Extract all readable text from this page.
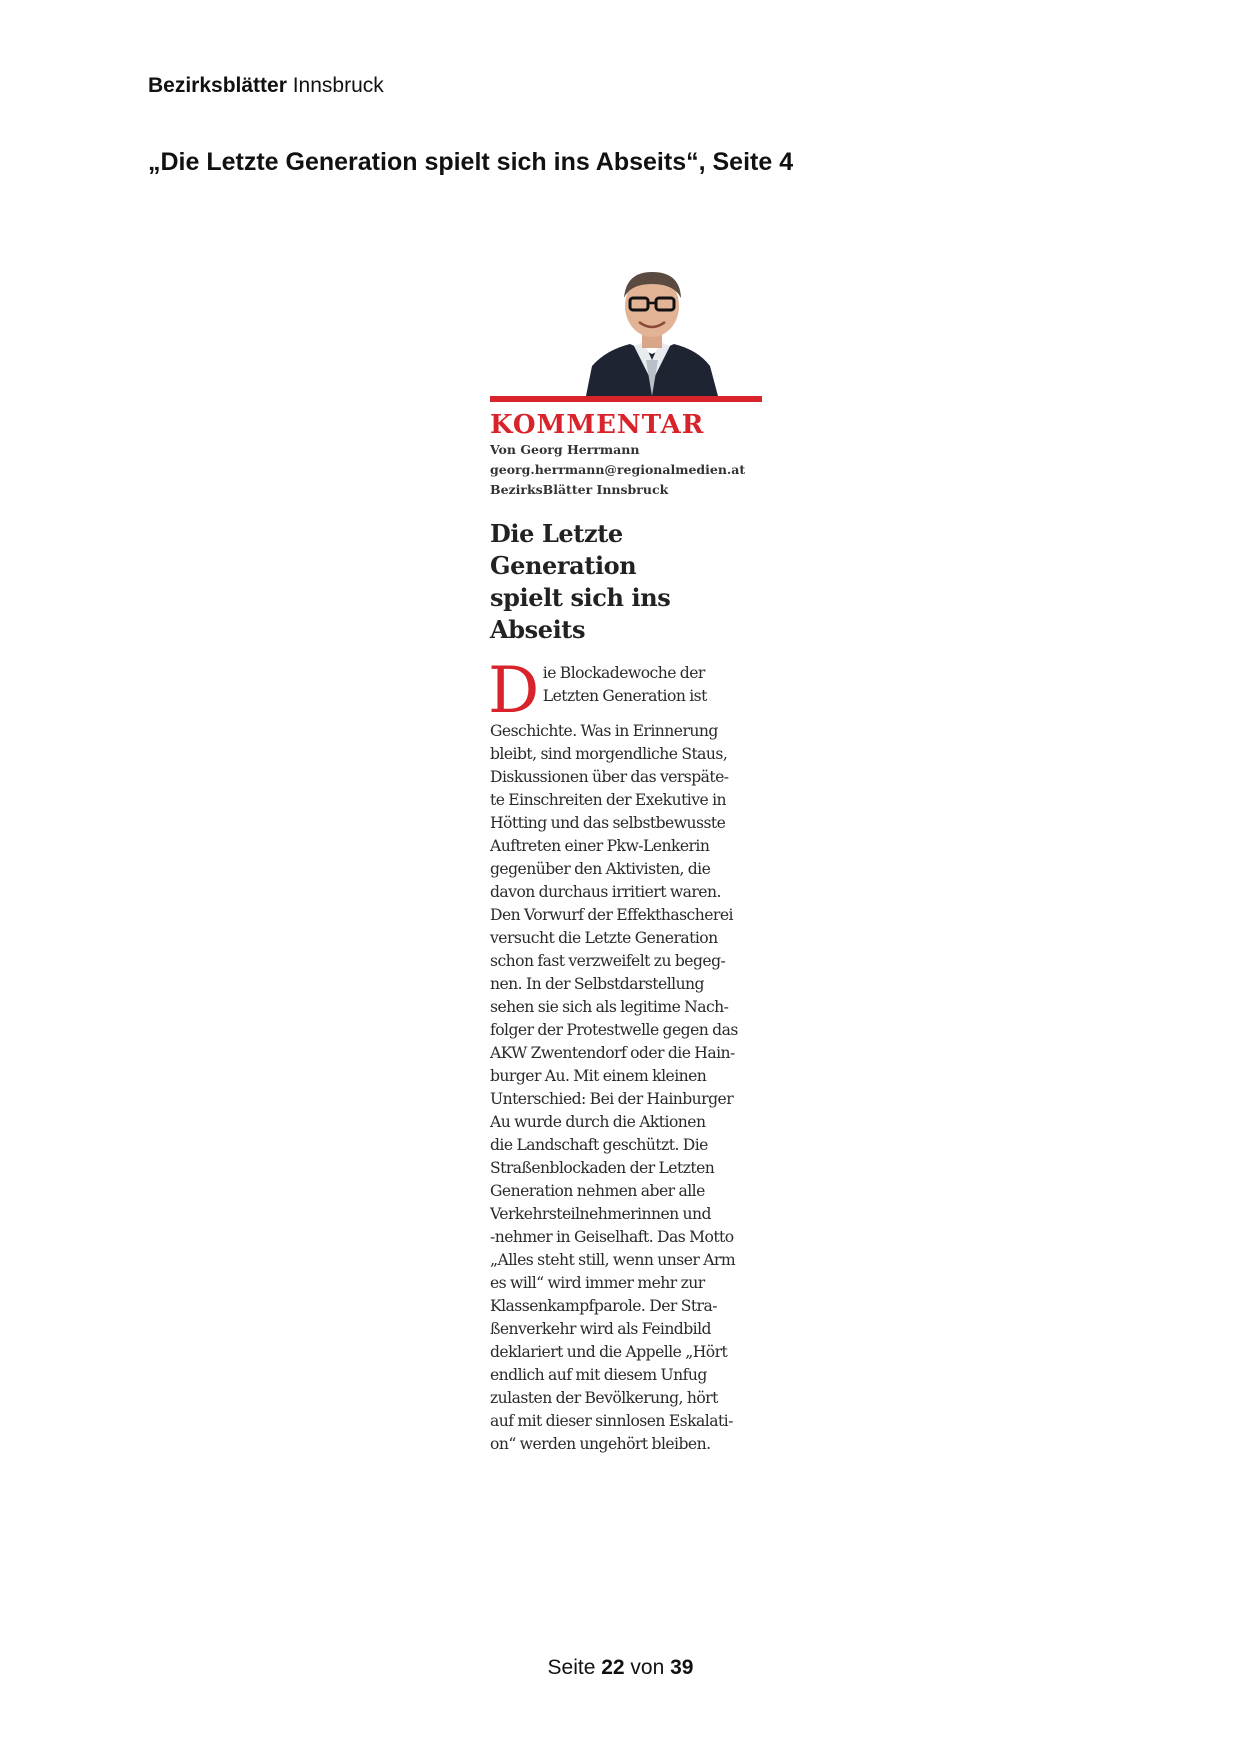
Bezirksblätter Innsbruck
„Die Letzte Generation spielt sich ins Abseits“, Seite 4
KOMMENTAR
Von Georg Herrmann
georg.herrmann@regionalmedien.at
BezirksBlätter Innsbruck
Die Letzte Generation
spielt sich ins Abseits
D ie Blockadewoche der
Letzten Generation ist
Geschichte. Was in Erinnerung
bleibt, sind morgendliche Staus,
Diskussionen über das verspäte-
te Einschreiten der Exekutive in
Hötting und das selbstbewusste
Auftreten einer Pkw-Lenkerin
gegenüber den Aktivisten, die
davon durchaus irritiert waren.
Den Vorwurf der Effekthascherei
versucht die Letzte Generation
schon fast verzweifelt zu begeg-
nen. In der Selbstdarstellung
sehen sie sich als legitime Nach-
folger der Protestwelle gegen das
AKW Zwentendorf oder die Hain-
burger Au. Mit einem kleinen
Unterschied: Bei der Hainburger
Au wurde durch die Aktionen
die Landschaft geschützt. Die
Straßenblockaden der Letzten
Generation nehmen aber alle
Verkehrsteilnehmerinnen und
-nehmer in Geiselhaft. Das Motto
„Alles steht still, wenn unser Arm
es will“ wird immer mehr zur
Klassenkampfparole. Der Stra-
ßenverkehr wird als Feindbild
deklariert und die Appelle „Hört
endlich auf mit diesem Unfug
zulasten der Bevölkerung, hört
auf mit dieser sinnlosen Eskalati-
on“ werden ungehört bleiben.
Seite 22 von 39
